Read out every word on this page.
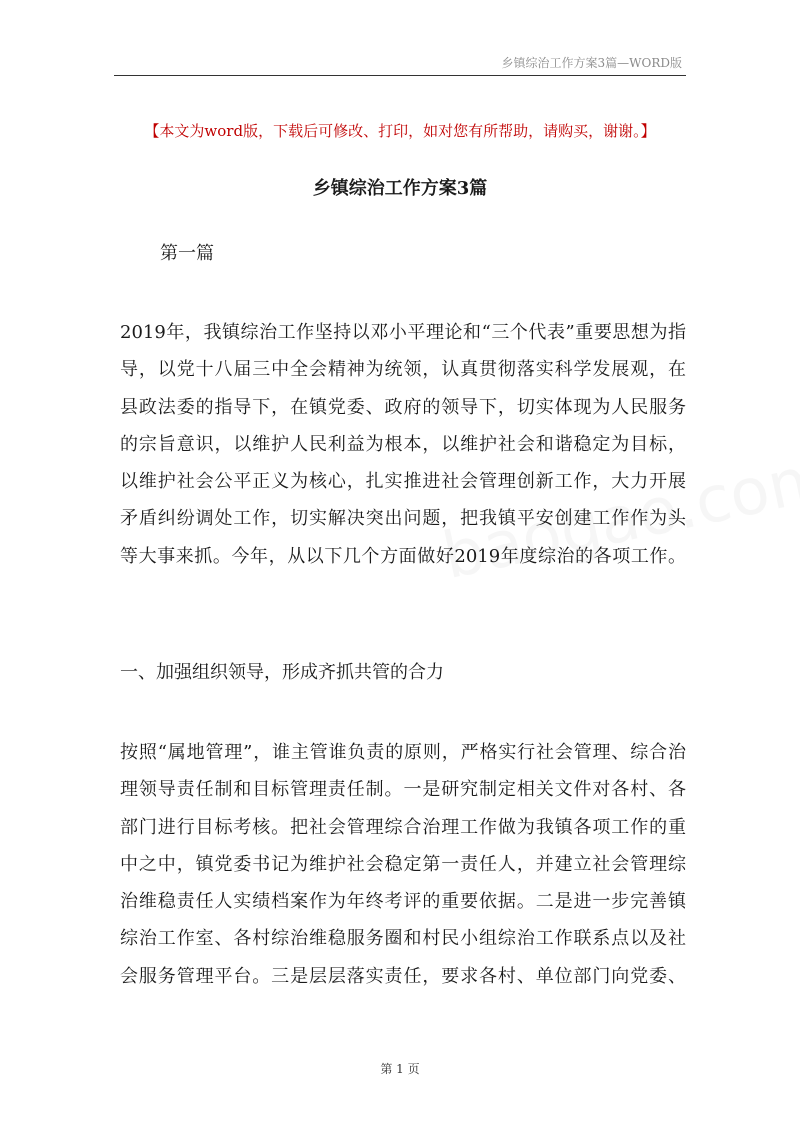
乡镇综治工作方案3篇—WORD版
【本文为word版，下载后可修改、打印，如对您有所帮助，请购买，谢谢。】
乡镇综治工作方案3篇
第一篇
2019年，我镇综治工作坚持以邓小平理论和“三个代表”重要思想为指
导，以党十八届三中全会精神为统领，认真贯彻落实科学发展观，在
县政法委的指导下，在镇党委、政府的领导下，切实体现为人民服务
的宗旨意识，以维护人民利益为根本，以维护社会和谐稳定为目标，
以维护社会公平正义为核心，扎实推进社会管理创新工作，大力开展
矛盾纠纷调处工作，切实解决突出问题，把我镇平安创建工作作为头
等大事来抓。今年，从以下几个方面做好2019年度综治的各项工作。
一、加强组织领导，形成齐抓共管的合力
按照“属地管理”，谁主管谁负责的原则，严格实行社会管理、综合治
理领导责任制和目标管理责任制。一是研究制定相关文件对各村、各
部门进行目标考核。把社会管理综合治理工作做为我镇各项工作的重
中之中，镇党委书记为维护社会稳定第一责任人，并建立社会管理综
治维稳责任人实绩档案作为年终考评的重要依据。二是进一步完善镇
综治工作室、各村综治维稳服务圈和村民小组综治工作联系点以及社
会服务管理平台。三是层层落实责任，要求各村、单位部门向党委、
第 1 页
